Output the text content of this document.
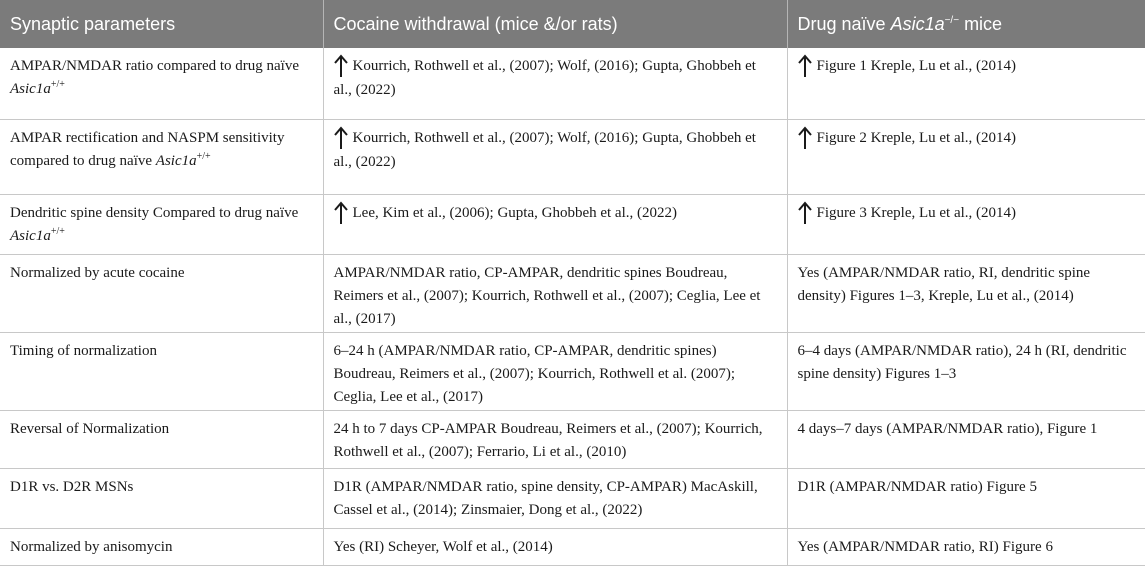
Synaptic parameters	Cocaine withdrawal (mice &/or rats)	Drug naïve Asic1a−/− mice
AMPAR/NMDAR ratio compared to drug naïve Asic1a+/+	Kourrich, Rothwell et al., (2007); Wolf, (2016); Gupta, Ghobbeh et al., (2022)	Figure 1 Kreple, Lu et al., (2014)
AMPAR rectification and NASPM sensitivity compared to drug naïve Asic1a+/+	Kourrich, Rothwell et al., (2007); Wolf, (2016); Gupta, Ghobbeh et al., (2022)	Figure 2 Kreple, Lu et al., (2014)
Dendritic spine density Compared to drug naïve Asic1a+/+	Lee, Kim et al., (2006); Gupta, Ghobbeh et al., (2022)	Figure 3 Kreple, Lu et al., (2014)
Normalized by acute cocaine	AMPAR/NMDAR ratio, CP-AMPAR, dendritic spines Boudreau, Reimers et al., (2007); Kourrich, Rothwell et al., (2007); Ceglia, Lee et al., (2017)	Yes (AMPAR/NMDAR ratio, RI, dendritic spine density) Figures 1–3, Kreple, Lu et al., (2014)
Timing of normalization	6–24 h (AMPAR/NMDAR ratio, CP-AMPAR, dendritic spines) Boudreau, Reimers et al., (2007); Kourrich, Rothwell et al. (2007); Ceglia, Lee et al., (2017)	6–4 days (AMPAR/NMDAR ratio), 24 h (RI, dendritic spine density) Figures 1–3
Reversal of Normalization	24 h to 7 days CP-AMPAR Boudreau, Reimers et al., (2007); Kourrich, Rothwell et al., (2007); Ferrario, Li et al., (2010)	4 days–7 days (AMPAR/NMDAR ratio), Figure 1
D1R vs. D2R MSNs	D1R (AMPAR/NMDAR ratio, spine density, CP-AMPAR) MacAskill, Cassel et al., (2014); Zinsmaier, Dong et al., (2022)	D1R (AMPAR/NMDAR ratio) Figure 5
Normalized by anisomycin	Yes (RI) Scheyer, Wolf et al., (2014)	Yes (AMPAR/NMDAR ratio, RI) Figure 6
